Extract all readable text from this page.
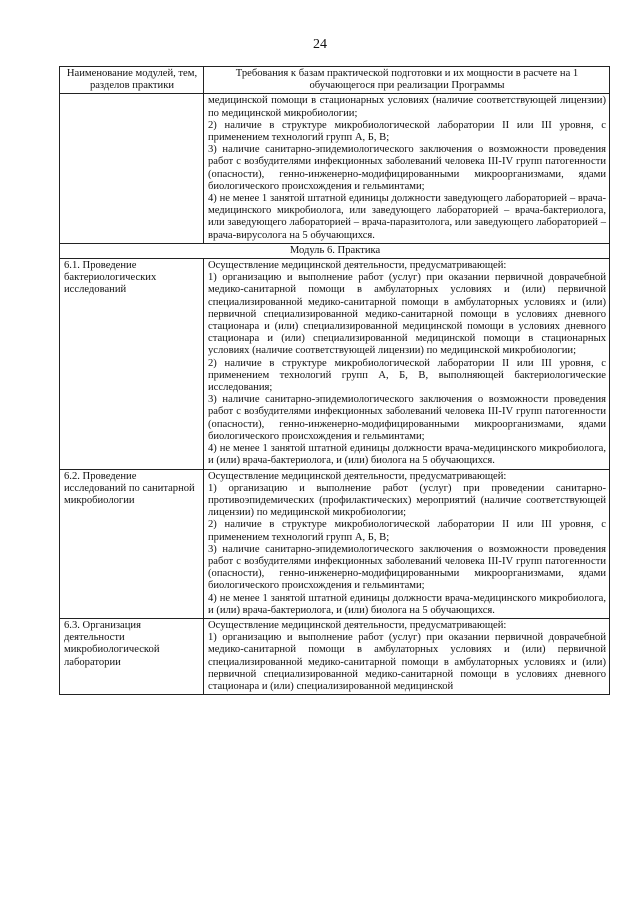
24
Наименование модулей, тем, разделов практики	Требования к базам практической подготовки и их мощности в расчете на 1 обучающегося при реализации Программы

	медицинской помощи в стационарных условиях (наличие соответствующей лицензии) по медицинской микробиологии;

2) наличие в структуре микробиологической лаборатории II или III уровня, с применением технологий групп А, Б, В;

3) наличие санитарно-эпидемиологического заключения о возможности проведения работ с возбудителями инфекционных заболеваний человека III-IV групп патогенности (опасности), генно-инженерно-модифицированными микроорганизмами, ядами биологического происхождения и гельминтами;

4) не менее 1 занятой штатной единицы должности заведующего лабораторией – врача-медицинского микробиолога, или заведующего лабораторией – врача-бактериолога, или заведующего лабораторией – врача-паразитолога, или заведующего лабораторией – врача-вирусолога на 5 обучающихся.

Модуль 6. Практика	
6.1. Проведение бактериологических исследований	Осуществление медицинской деятельности, предусматривающей:

1) организацию и выполнение работ (услуг) при оказании первичной доврачебной медико-санитарной помощи в амбулаторных условиях и (или) первичной специализированной медико-санитарной помощи в амбулаторных условиях и (или) первичной специализированной медико-санитарной помощи в условиях дневного стационара и (или) специализированной медицинской помощи в условиях дневного стационара и (или) специализированной медицинской помощи в стационарных условиях (наличие соответствующей лицензии) по медицинской микробиологии;

2) наличие в структуре микробиологической лаборатории II или III уровня, с применением технологий групп А, Б, В, выполняющей бактериологические исследования;

3) наличие санитарно-эпидемиологического заключения о возможности проведения работ с возбудителями инфекционных заболеваний человека III-IV групп патогенности (опасности), генно-инженерно-модифицированными микроорганизмами, ядами биологического происхождения и гельминтами;

4) не менее 1 занятой штатной единицы должности врача-медицинского микробиолога, и (или) врача-бактериолога, и (или) биолога на 5 обучающихся.

6.2. Проведение исследований по санитарной микробиологии	Осуществление медицинской деятельности, предусматривающей:

1) организацию и выполнение работ (услуг) при проведении санитарно-противоэпидемических (профилактических) мероприятий (наличие соответствующей лицензии) по медицинской микробиологии;

2) наличие в структуре микробиологической лаборатории II или III уровня, с применением технологий групп А, Б, В;

3) наличие санитарно-эпидемиологического заключения о возможности проведения работ с возбудителями инфекционных заболеваний человека III-IV групп патогенности (опасности), генно-инженерно-модифицированными микроорганизмами, ядами биологического происхождения и гельминтами;

4) не менее 1 занятой штатной единицы должности врача-медицинского микробиолога, и (или) врача-бактериолога, и (или) биолога на 5 обучающихся.

6.3. Организация деятельности микробиологической лаборатории	Осуществление медицинской деятельности, предусматривающей:

1) организацию и выполнение работ (услуг) при оказании первичной доврачебной медико-санитарной помощи в амбулаторных условиях и (или) первичной специализированной медико-санитарной помощи в амбулаторных условиях и (или) первичной специализированной медико-санитарной помощи в условиях дневного стационара и (или) специализированной медицинской
